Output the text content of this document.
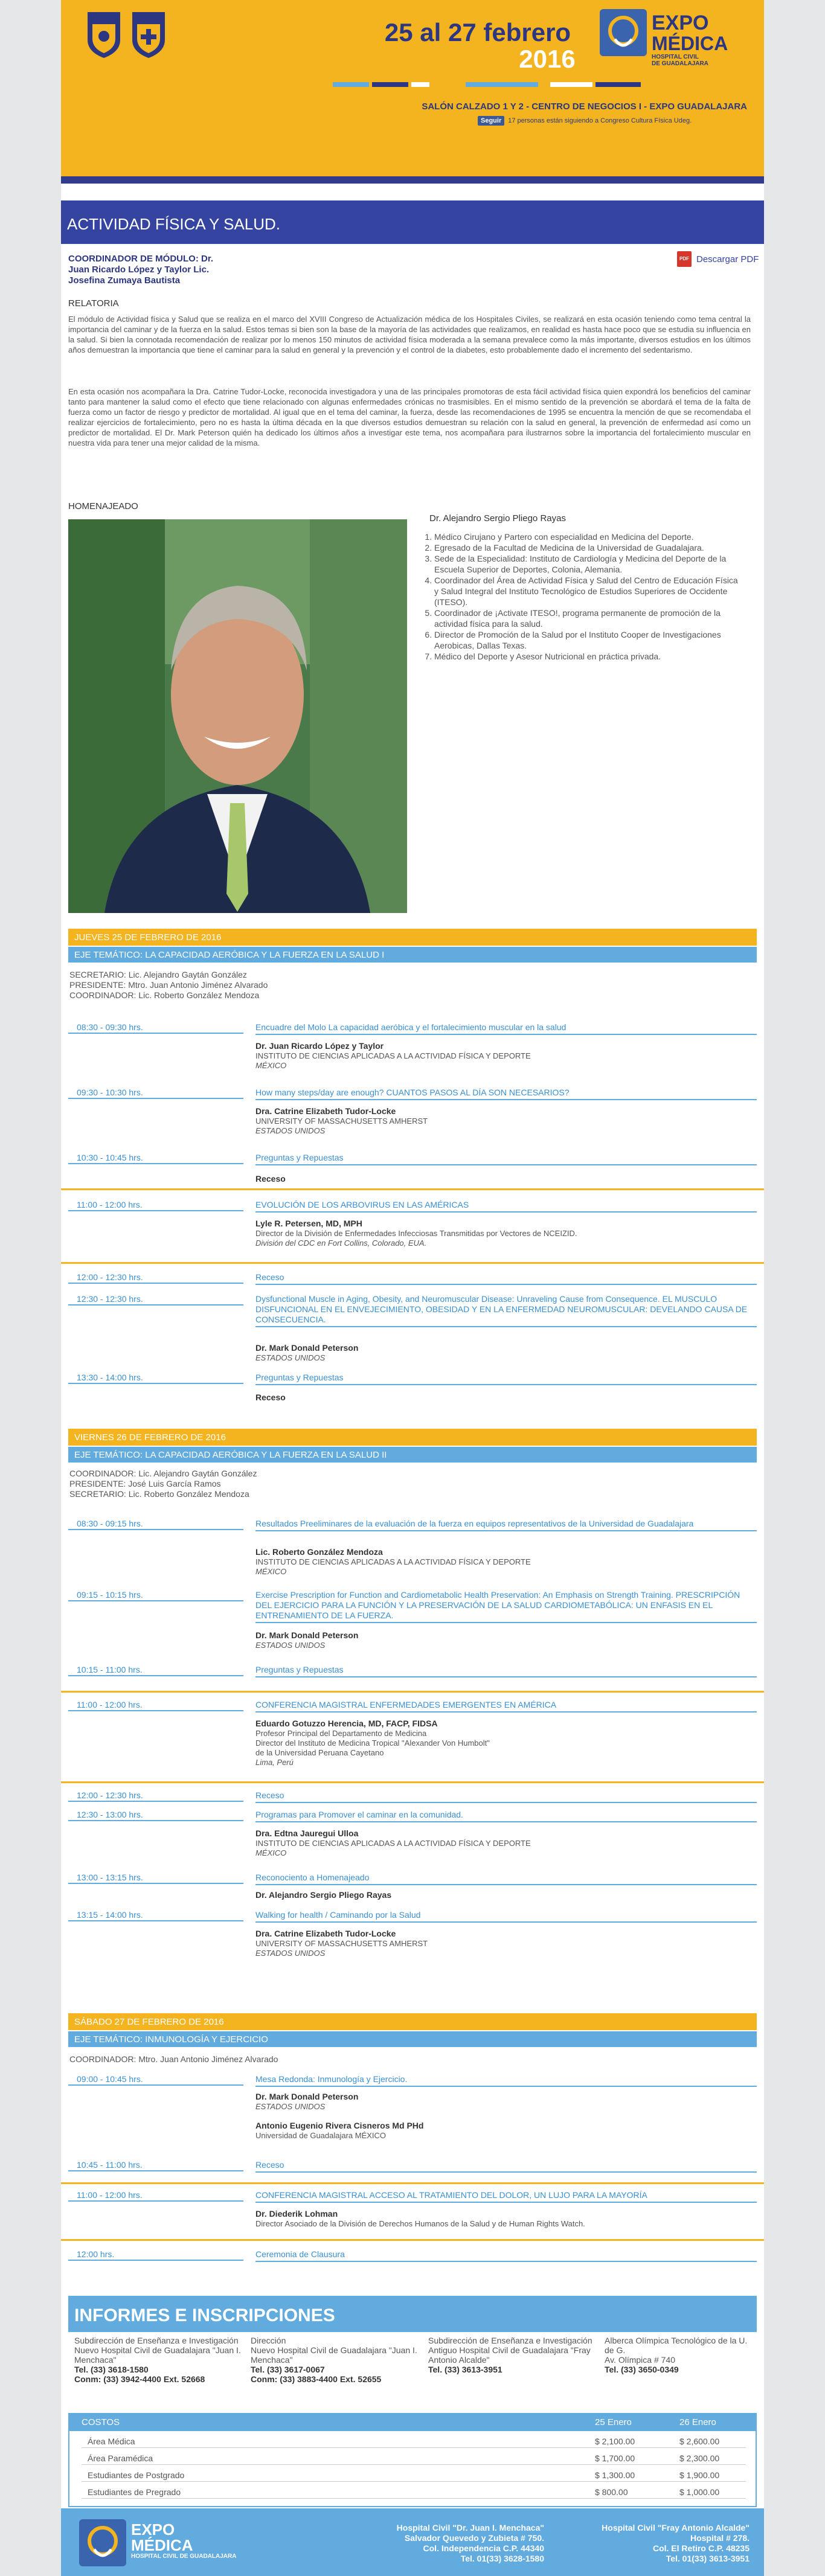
25 al 27 febrero
2016
SALÓN CALZADO 1 Y 2 - CENTRO DE NEGOCIOS I - EXPO GUADALAJARA
Seguir	17 personas están siguiendo a Congreso Cultura Física Udeg.
EXPO
MÉDICA
HOSPITAL CIVIL
DE GUADALAJARA
ACTIVIDAD FÍSICA Y SALUD.
COORDINADOR DE MÓDULO: Dr.
Juan Ricardo López y Taylor Lic.
Josefina Zumaya Bautista
PDF Descargar PDF
RELATORIA
El módulo de Actividad física y Salud que se realiza en el marco del XVIII Congreso de Actualización médica de los Hospitales Civiles, se realizará en esta ocasión teniendo como tema central la importancia del caminar y de la fuerza en la salud. Estos temas si bien son la base de la mayoría de las actividades que realizamos, en realidad es hasta hace poco que se estudia su influencia en la salud. Si bien la connotada recomendación de realizar por lo menos 150 minutos de actividad física moderada a la semana prevalece como la más importante, diversos estudios en los últimos años demuestran la importancia que tiene el caminar para la salud en general y la prevención y el control de la diabetes, esto probablemente dado el incremento del sedentarismo.
En esta ocasión nos acompañara la Dra. Catrine Tudor-Locke, reconocida investigadora y una de las principales promotoras de esta fácil actividad física quien expondrá los beneficios del caminar tanto para mantener la salud como el efecto que tiene relacionado con algunas enfermedades crónicas no trasmisibles. En el mismo sentido de la prevención se abordará el tema de la falta de fuerza como un factor de riesgo y predictor de mortalidad. Al igual que en el tema del caminar, la fuerza, desde las recomendaciones de 1995 se encuentra la mención de que se recomendaba el realizar ejercicios de fortalecimiento, pero no es hasta la última década en la que diversos estudios demuestran su relación con la salud en general, la prevención de enfermedad así como un predictor de mortalidad. El Dr. Mark Peterson quién ha dedicado los últimos años a investigar este tema, nos acompañara para ilustrarnos sobre la importancia del fortalecimiento muscular en nuestra vida para tener una mejor calidad de la misma.
HOMENAJEADO
Dr. Alejandro Sergio Pliego Rayas
1. Médico Cirujano y Partero con especialidad en Medicina del Deporte.
2. Egresado de la Facultad de Medicina de la Universidad de Guadalajara.
3. Sede de la Especialidad: Instituto de Cardiología y Medicina del Deporte de la Escuela Superior de Deportes, Colonia, Alemania.
4. Coordinador del Área de Actividad Física y Salud del Centro de Educación Física y Salud Integral del Instituto Tecnológico de Estudios Superiores de Occidente (ITESO).
5. Coordinador de ¡Activate ITESO!, programa permanente de promoción de la actividad física para la salud.
6. Director de Promoción de la Salud por el Instituto Cooper de Investigaciones Aerobicas, Dallas Texas.
7. Médico del Deporte y Asesor Nutricional en práctica privada.
JUEVES 25 DE FEBRERO DE 2016
EJE TEMÁTICO: LA CAPACIDAD AERÓBICA Y LA FUERZA EN LA SALUD I
SECRETARIO: Lic. Alejandro Gaytán González
PRESIDENTE: Mtro. Juan Antonio Jiménez Alvarado
COORDINADOR: Lic. Roberto González Mendoza
08:30 - 09:30 hrs.	Encuadre del Molo La capacidad aeróbica y el fortalecimiento muscular en la salud
Dr. Juan Ricardo López y Taylor
INSTITUTO DE CIENCIAS APLICADAS A LA ACTIVIDAD FÍSICA Y DEPORTE
MÉXICO
09:30 - 10:30 hrs.	How many steps/day are enough? CUANTOS PASOS AL DÍA SON NECESARIOS?
Dra. Catrine Elizabeth Tudor-Locke
UNIVERSITY OF MASSACHUSETTS AMHERST
ESTADOS UNIDOS
10:30 - 10:45 hrs.	Preguntas y Repuestas
Receso
11:00 - 12:00 hrs.	EVOLUCIÓN DE LOS ARBOVIRUS EN LAS AMÉRICAS
Lyle R. Petersen, MD, MPH
Director de la División de Enfermedades Infecciosas Transmitidas por Vectores de NCEIZID.
División del CDC en Fort Collins, Colorado, EUA.
12:00 - 12:30 hrs.	Receso
12:30 - 12:30 hrs.	Dysfunctional Muscle in Aging, Obesity, and Neuromuscular Disease: Unraveling Cause from Consequence. EL MUSCULO DISFUNCIONAL EN EL ENVEJECIMIENTO, OBESIDAD Y EN LA ENFERMEDAD NEUROMUSCULAR: DEVELANDO CAUSA DE CONSECUENCIA.
Dr. Mark Donald Peterson
ESTADOS UNIDOS
13:30 - 14:00 hrs.	Preguntas y Repuestas
Receso
VIERNES 26 DE FEBRERO DE 2016
EJE TEMÁTICO: LA CAPACIDAD AERÓBICA Y LA FUERZA EN LA SALUD II
COORDINADOR: Lic. Alejandro Gaytán González
PRESIDENTE: José Luis García Ramos
SECRETARIO: Lic. Roberto González Mendoza
08:30 - 09:15 hrs.	Resultados Preeliminares de la evaluación de la fuerza en equipos representativos de la Universidad de Guadalajara
Lic. Roberto González Mendoza
INSTITUTO DE CIENCIAS APLICADAS A LA ACTIVIDAD FÍSICA Y DEPORTE
MÉXICO
09:15 - 10:15 hrs.	Exercise Prescription for Function and Cardiometabolic Health Preservation: An Emphasis on Strength Training. PRESCRIPCIÓN DEL EJERCICIO PARA LA FUNCIÓN Y LA PRESERVACIÓN DE LA SALUD CARDIOMETABÓLICA: UN ENFASIS EN EL ENTRENAMIENTO DE LA FUERZA.
Dr. Mark Donald Peterson
ESTADOS UNIDOS
10:15 - 11:00 hrs.	Preguntas y Repuestas
11:00 - 12:00 hrs.	CONFERENCIA MAGISTRAL ENFERMEDADES EMERGENTES EN AMÉRICA
Eduardo Gotuzzo Herencia, MD, FACP, FIDSA
Profesor Principal del Departamento de Medicina
Director del Instituto de Medicina Tropical "Alexander Von Humbolt"
de la Universidad Peruana Cayetano
Lima, Perú
12:00 - 12:30 hrs.	Receso
12:30 - 13:00 hrs.	Programas para Promover el caminar en la comunidad.
Dra. Edtna Jauregui Ulloa
INSTITUTO DE CIENCIAS APLICADAS A LA ACTIVIDAD FÍSICA Y DEPORTE
MÉXICO
13:00 - 13:15 hrs.	Reconociento a Homenajeado
Dr. Alejandro Sergio Pliego Rayas
13:15 - 14:00 hrs.	Walking for health / Caminando por la Salud
Dra. Catrine Elizabeth Tudor-Locke
UNIVERSITY OF MASSACHUSETTS AMHERST
ESTADOS UNIDOS
SÁBADO 27 DE FEBRERO DE 2016
EJE TEMÁTICO: INMUNOLOGÍA Y EJERCICIO
COORDINADOR: Mtro. Juan Antonio Jiménez Alvarado
09:00 - 10:45 hrs.	Mesa Redonda: Inmunología y Ejercicio.
Dr. Mark Donald Peterson
ESTADOS UNIDOS
Antonio Eugenio Rivera Cisneros Md PHd
Universidad de Guadalajara MÉXICO
10:45 - 11:00 hrs.	Receso
11:00 - 12:00 hrs.	CONFERENCIA MAGISTRAL ACCESO AL TRATAMIENTO DEL DOLOR, UN LUJO PARA LA MAYORÍA
Dr. Diederik Lohman
Director Asociado de la División de Derechos Humanos de la Salud y de Human Rights Watch.
12:00 hrs.	Ceremonia de Clausura
INFORMES E INSCRIPCIONES
Subdirección de Enseñanza e Investigación
Nuevo Hospital Civil de Guadalajara "Juan I. Menchaca"
Tel. (33) 3618-1580
Conm: (33) 3942-4400 Ext. 52668
Dirección
Nuevo Hospital Civil de Guadalajara "Juan I. Menchaca"
Tel. (33) 3617-0067
Conm: (33) 3883-4400 Ext. 52655
Subdirección de Enseñanza e Investigación
Antiguo Hospital Civil de Guadalajara "Fray Antonio Alcalde"
Tel. (33) 3613-3951
Alberca Olímpica Tecnológico de la U. de G.
Av. Olímpica # 740
Tel. (33) 3650-0349
COSTOS	25 Enero	26 Enero
Área Médica	$ 2,100.00	$ 2,600.00
Área Paramédica	$ 1,700.00	$ 2,300.00
Estudiantes de Postgrado	$ 1,300.00	$ 1,900.00
Estudiantes de Pregrado	$ 800.00	$ 1,000.00
EXPO
MÉDICA
HOSPITAL CIVIL DE GUADALAJARA
Hospital Civil "Dr. Juan I. Menchaca"
Salvador Quevedo y Zubieta # 750.
Col. Independencia C.P. 44340
Tel. 01(33) 3628-1580
Hospital Civil "Fray Antonio Alcalde"
Hospital # 278.
Col. El Retiro C.P. 48235
Tel. 01(33) 3613-3951
